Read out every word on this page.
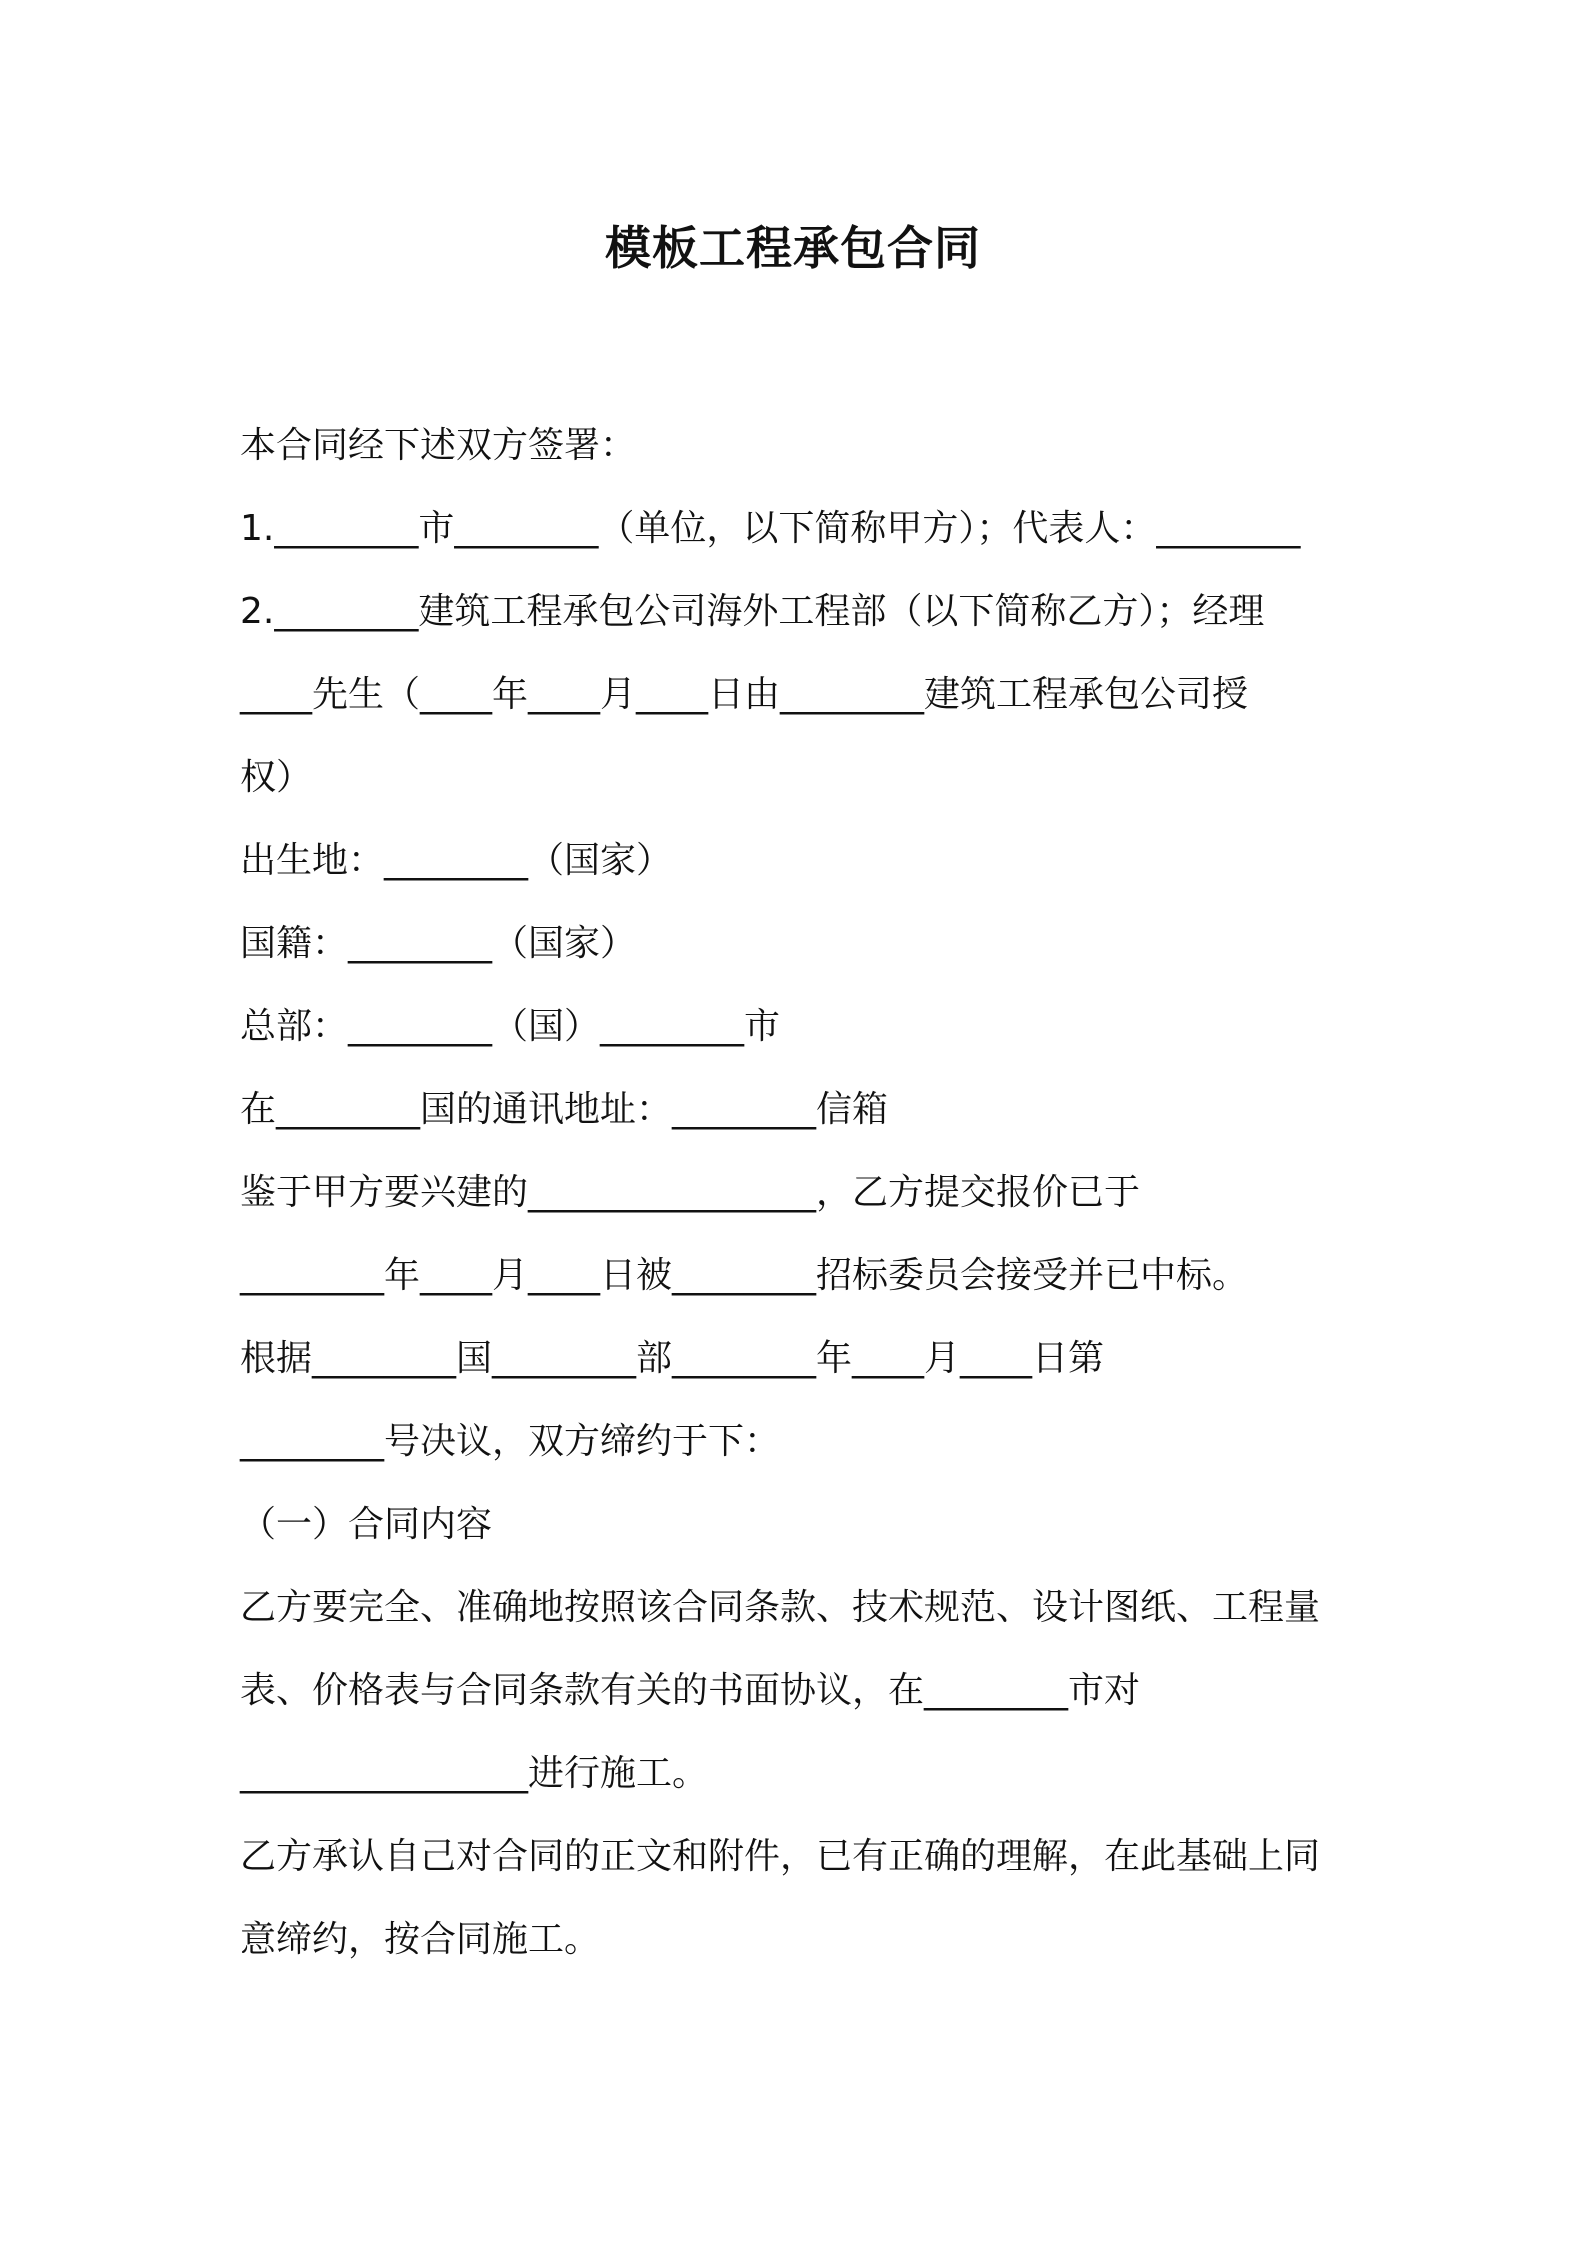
模板工程承包合同
本合同经下述双方签署：
1.________市________（单位，以下简称甲方）；代表人：________
2.________建筑工程承包公司海外工程部（以下简称乙方）；经理
____先生（____年____月____日由________建筑工程承包公司授
权）
出生地：________（国家）
国籍：________（国家）
总部：________（国）________市
在________国的通讯地址：________信箱
鉴于甲方要兴建的________________，乙方提交报价已于
________年____月____日被________招标委员会接受并已中标。
根据________国________部________年____月____日第
________号决议，双方缔约于下：
（一）合同内容
乙方要完全、准确地按照该合同条款、技术规范、设计图纸、工程量
表、价格表与合同条款有关的书面协议，在________市对
________________进行施工。
乙方承认自己对合同的正文和附件，已有正确的理解，在此基础上同
意缔约，按合同施工。
